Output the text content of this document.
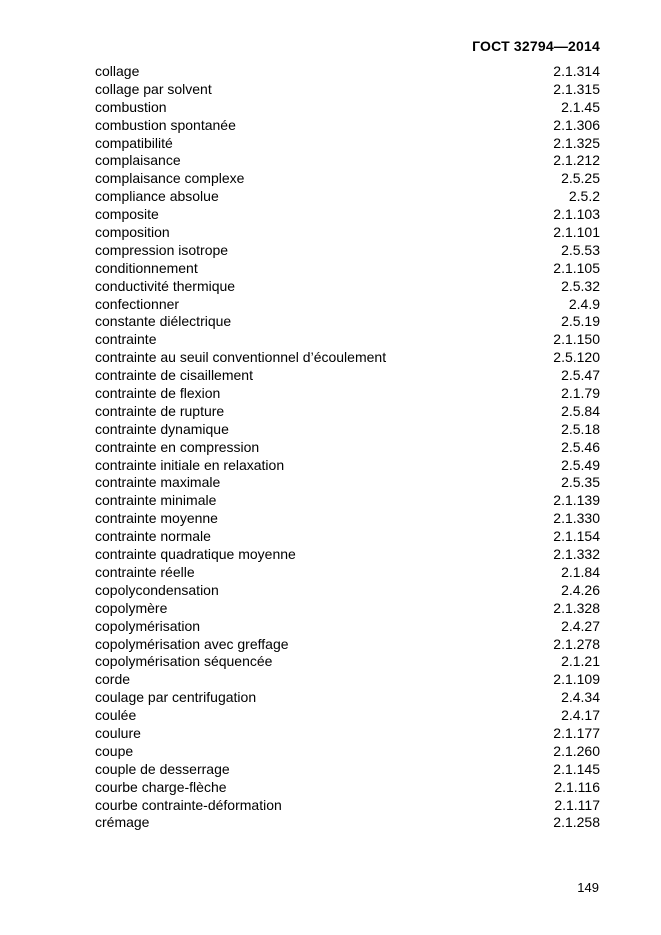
ГОСТ 32794—2014
collage	2.1.314
collage par solvent	2.1.315
combustion	2.1.45
combustion spontanée	2.1.306
compatibilité	2.1.325
complaisance	2.1.212
complaisance complexe	2.5.25
compliance absolue	2.5.2
composite	2.1.103
composition	2.1.101
compression isotrope	2.5.53
conditionnement	2.1.105
conductivité thermique	2.5.32
confectionner	2.4.9
constante diélectrique	2.5.19
contrainte	2.1.150
contrainte au seuil conventionnel d’écoulement	2.5.120
contrainte de cisaillement	2.5.47
contrainte de flexion	2.1.79
contrainte de rupture	2.5.84
contrainte dynamique	2.5.18
contrainte en compression	2.5.46
contrainte initiale en relaxation	2.5.49
contrainte maximale	2.5.35
contrainte minimale	2.1.139
contrainte moyenne	2.1.330
contrainte normale	2.1.154
contrainte quadratique moyenne	2.1.332
contrainte réelle	2.1.84
copolycondensation	2.4.26
copolymère	2.1.328
copolymérisation	2.4.27
copolymérisation avec greffage	2.1.278
copolymérisation séquencée	2.1.21
corde	2.1.109
coulage par centrifugation	2.4.34
coulée	2.4.17
coulure	2.1.177
coupe	2.1.260
couple de desserrage	2.1.145
courbe charge-flèche	2.1.116
courbe contrainte-déformation	2.1.117
crémage	2.1.258
149
